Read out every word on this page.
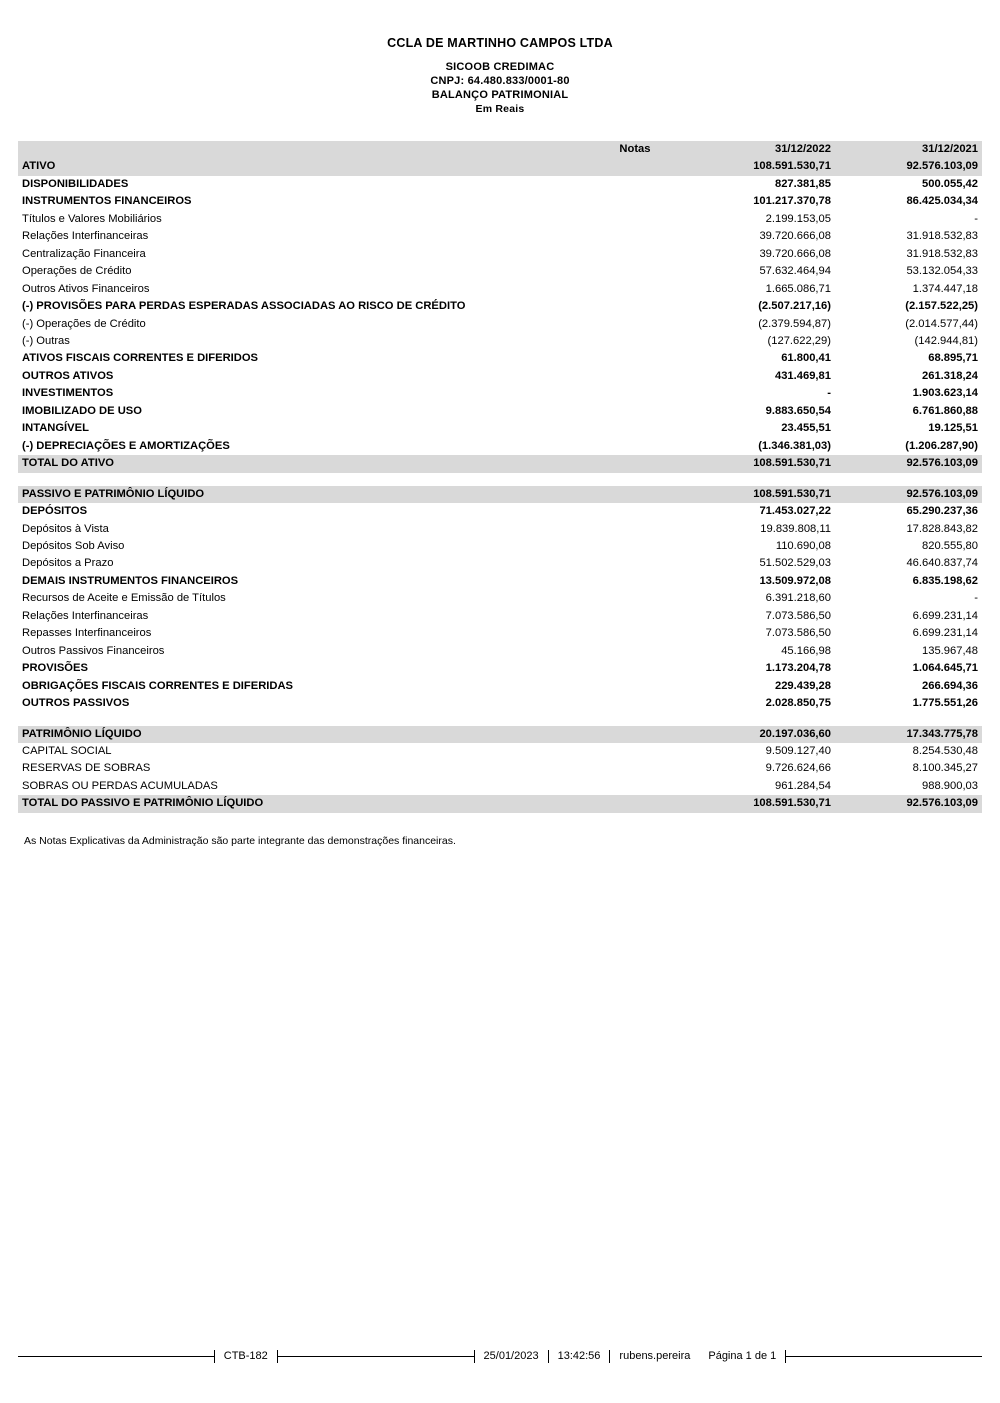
CCLA DE MARTINHO CAMPOS LTDA
SICOOB CREDIMAC
CNPJ: 64.480.833/0001-80
BALANÇO PATRIMONIAL
Em Reais
	Notas	31/12/2022	31/12/2021
ATIVO		108.591.530,71	92.576.103,09
DISPONIBILIDADES		827.381,85	500.055,42
INSTRUMENTOS FINANCEIROS		101.217.370,78	86.425.034,34
Títulos e Valores Mobiliários		2.199.153,05	-
Relações Interfinanceiras		39.720.666,08	31.918.532,83
Centralização Financeira		39.720.666,08	31.918.532,83
Operações de Crédito		57.632.464,94	53.132.054,33
Outros Ativos Financeiros		1.665.086,71	1.374.447,18
(-) PROVISÕES PARA PERDAS ESPERADAS ASSOCIADAS AO RISCO DE CRÉDITO		(2.507.217,16)	(2.157.522,25)
(-) Operações de Crédito		(2.379.594,87)	(2.014.577,44)
(-) Outras		(127.622,29)	(142.944,81)
ATIVOS FISCAIS CORRENTES E DIFERIDOS		61.800,41	68.895,71
OUTROS ATIVOS		431.469,81	261.318,24
INVESTIMENTOS		-	1.903.623,14
IMOBILIZADO DE USO		9.883.650,54	6.761.860,88
INTANGÍVEL		23.455,51	19.125,51
(-) DEPRECIAÇÕES E AMORTIZAÇÕES		(1.346.381,03)	(1.206.287,90)
TOTAL DO ATIVO		108.591.530,71	92.576.103,09

PASSIVO E PATRIMÔNIO LÍQUIDO		108.591.530,71	92.576.103,09
DEPÓSITOS		71.453.027,22	65.290.237,36
Depósitos à Vista		19.839.808,11	17.828.843,82
Depósitos Sob Aviso		110.690,08	820.555,80
Depósitos a Prazo		51.502.529,03	46.640.837,74
DEMAIS INSTRUMENTOS FINANCEIROS		13.509.972,08	6.835.198,62
Recursos de Aceite e Emissão de Títulos		6.391.218,60	-
Relações Interfinanceiras		7.073.586,50	6.699.231,14
Repasses Interfinanceiros		7.073.586,50	6.699.231,14
Outros Passivos Financeiros		45.166,98	135.967,48
PROVISÕES		1.173.204,78	1.064.645,71
OBRIGAÇÕES FISCAIS CORRENTES E DIFERIDAS		229.439,28	266.694,36
OUTROS PASSIVOS		2.028.850,75	1.775.551,26

PATRIMÔNIO LÍQUIDO		20.197.036,60	17.343.775,78
CAPITAL SOCIAL		9.509.127,40	8.254.530,48
RESERVAS DE SOBRAS		9.726.624,66	8.100.345,27
SOBRAS OU PERDAS ACUMULADAS		961.284,54	988.900,03
TOTAL DO PASSIVO E PATRIMÔNIO LÍQUIDO		108.591.530,71	92.576.103,09
As Notas Explicativas da Administração são parte integrante das demonstrações financeiras.
CTB-182	25/01/2023	13:42:56	rubens.pereira	Página 1 de 1
